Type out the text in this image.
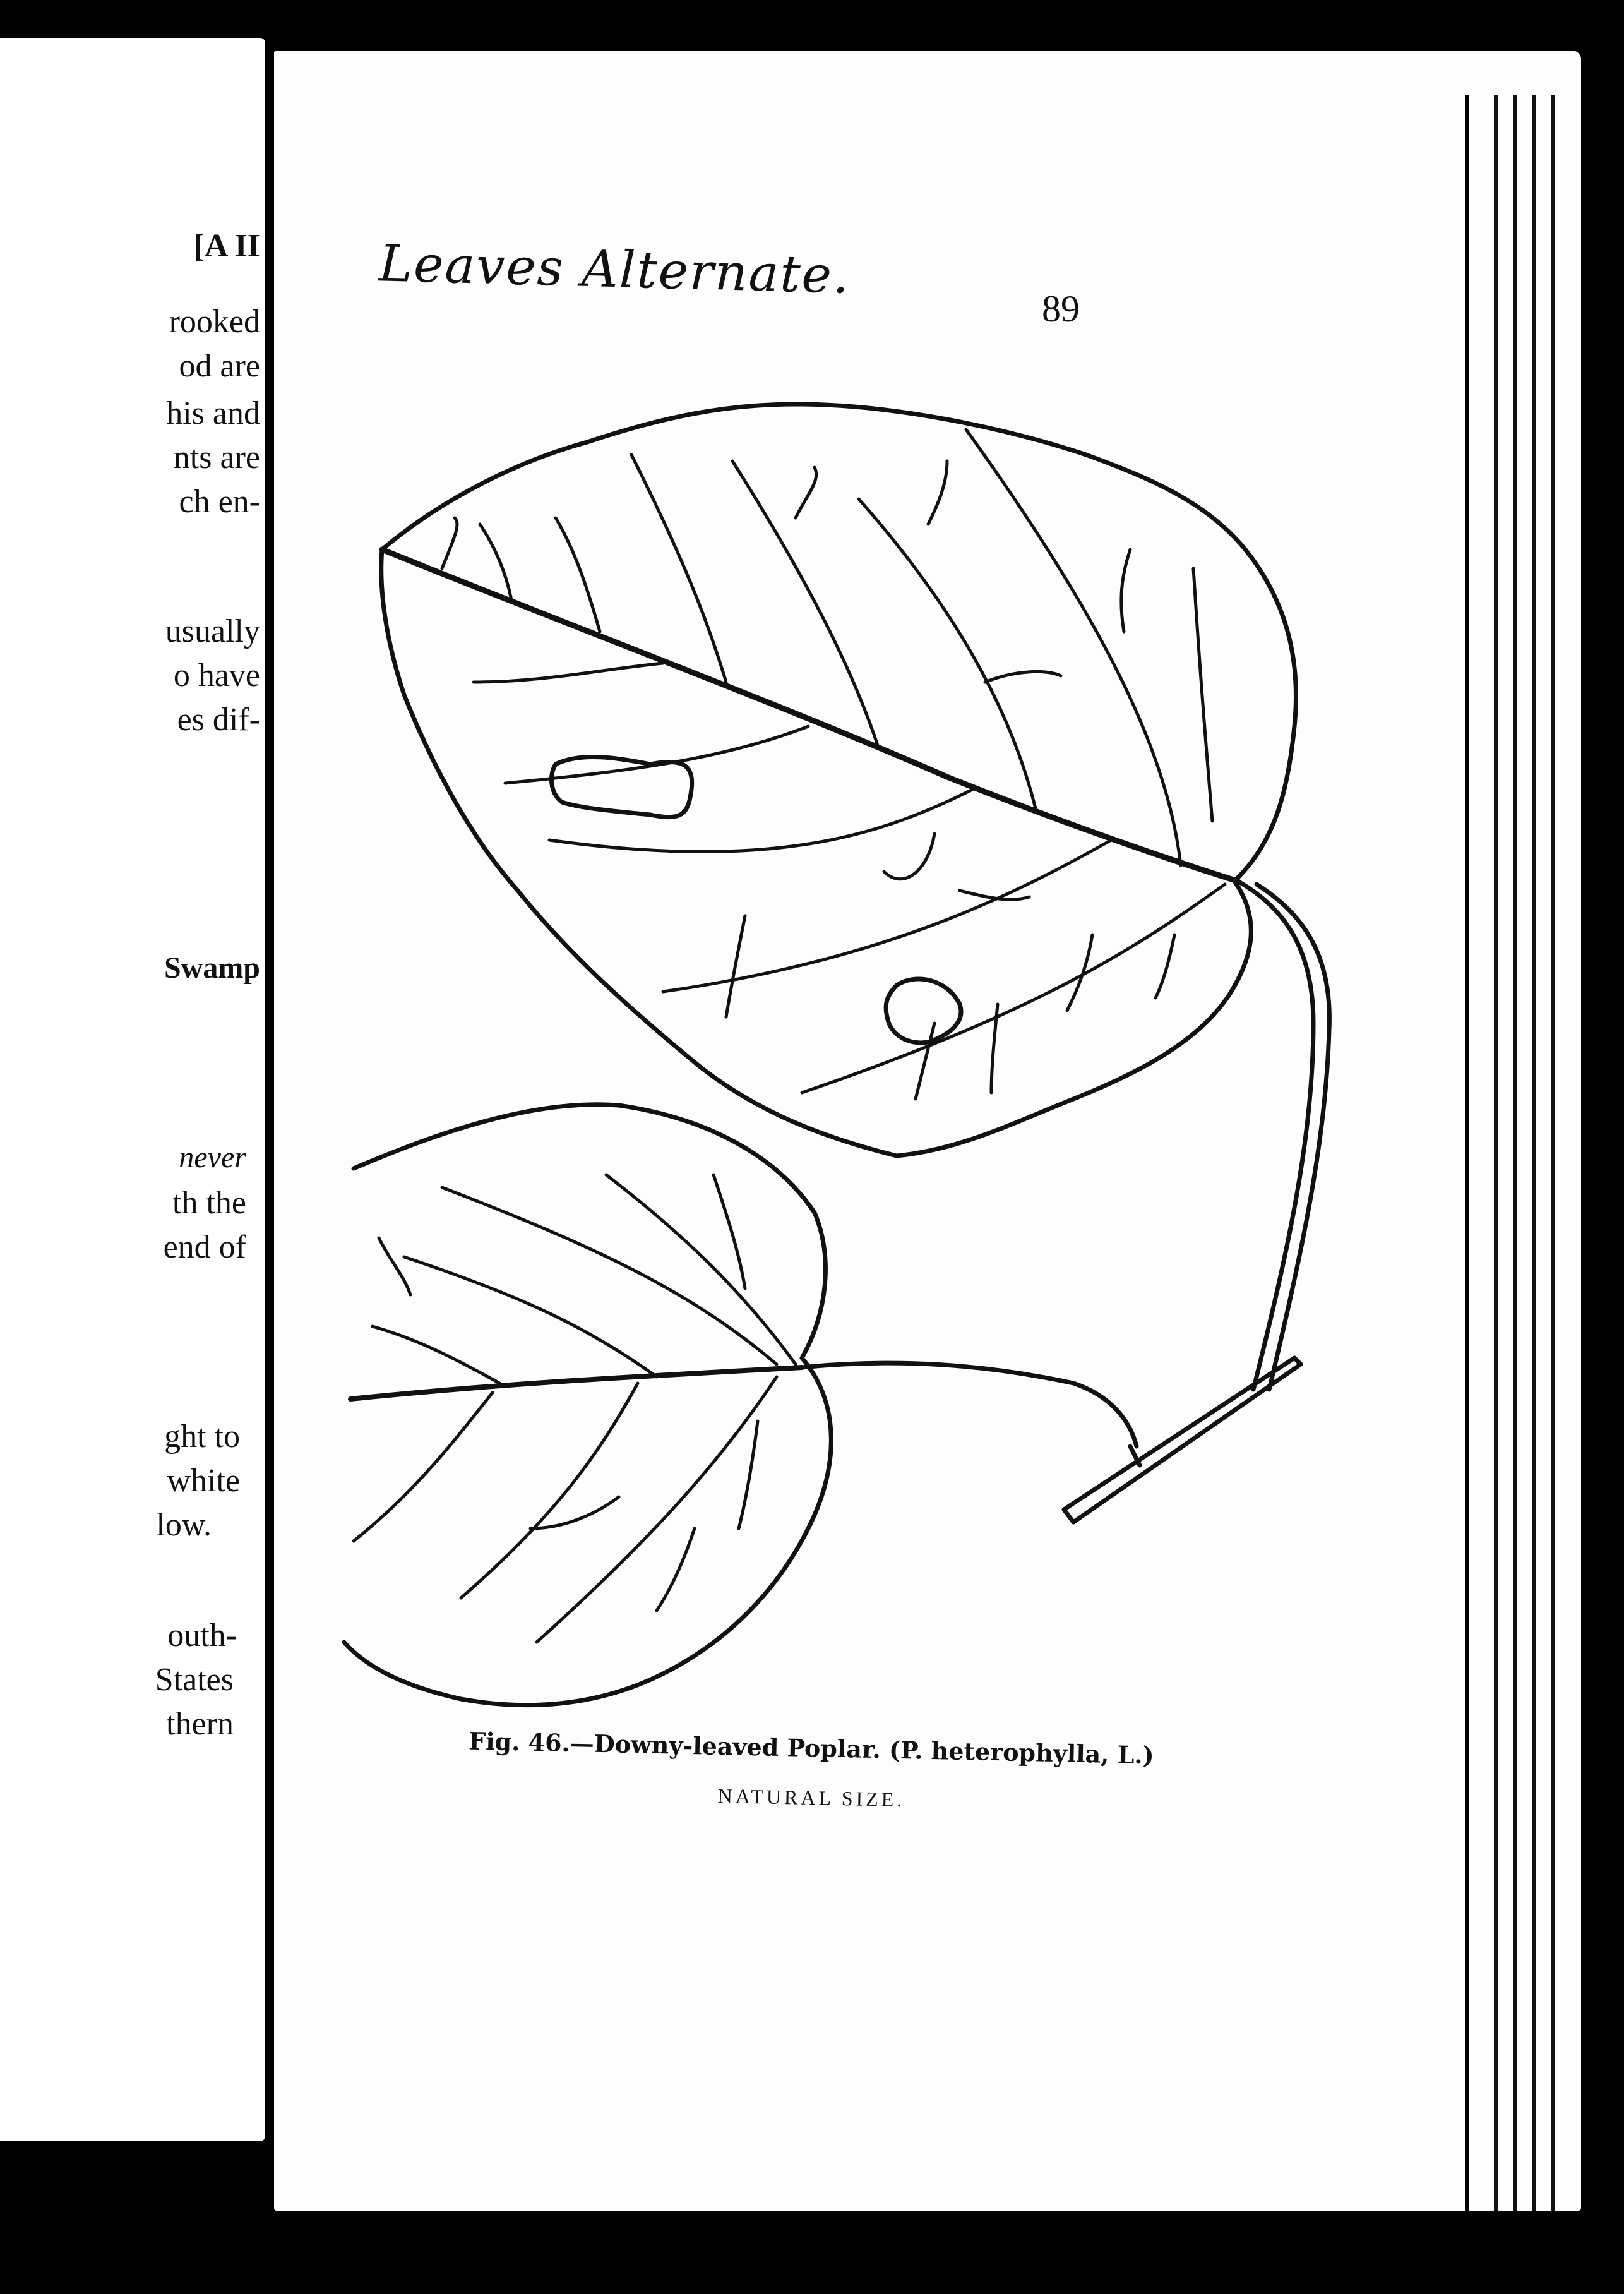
[A II
rooked
od are
his and
nts are
ch en-
usually
o have
es dif-
Swamp
never
th the
end of
ght to
white
low.
outh-
States
thern
Leaves Alternate.
89
Fig. 46.—Downy-leaved Poplar. (P. heterophylla, L.)
NATURAL SIZE.
